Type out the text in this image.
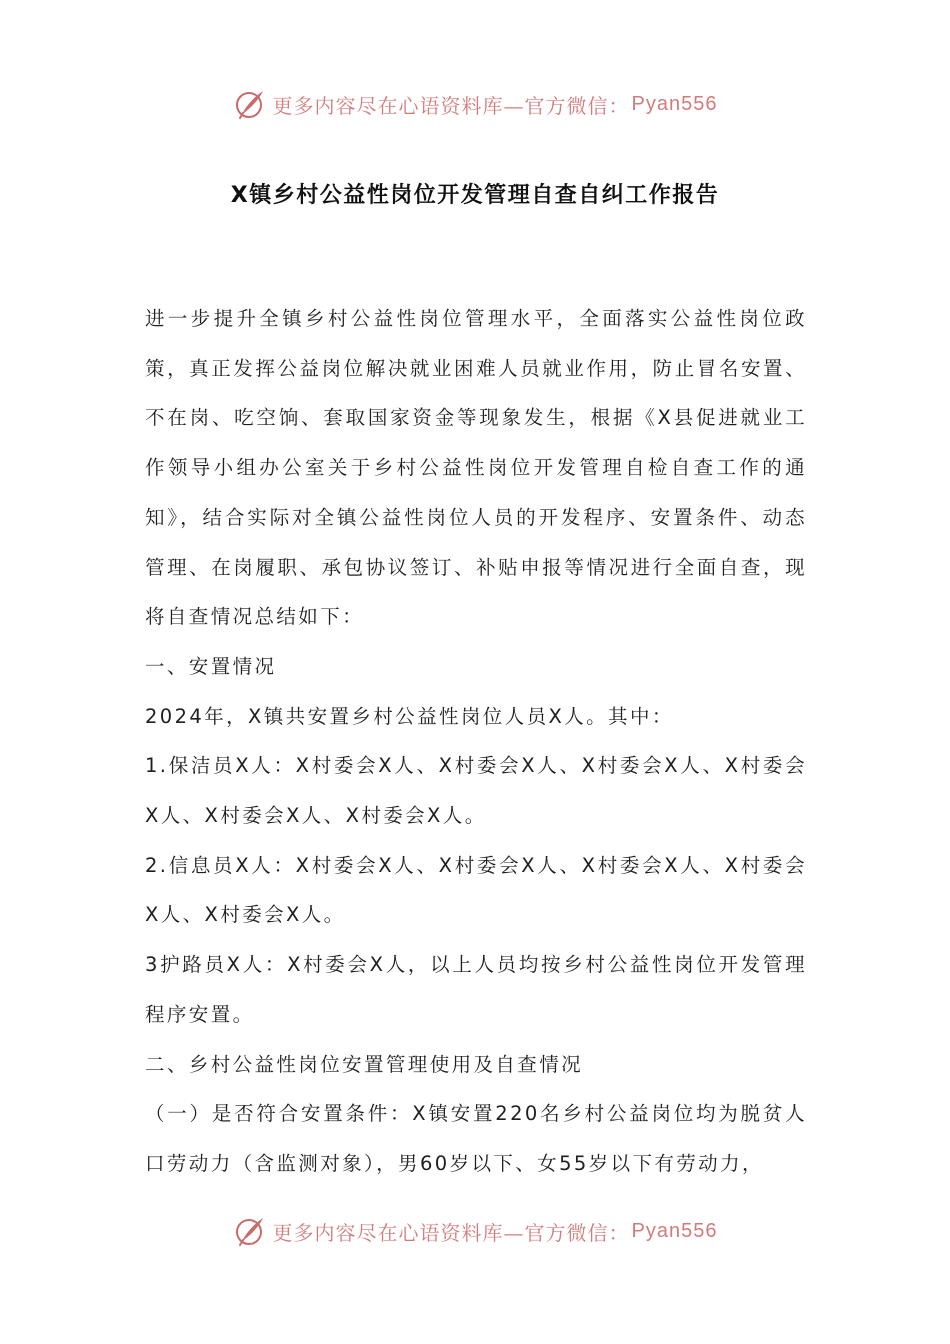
更多内容尽在心语资料库—官方微信： Pyan556
X镇乡村公益性岗位开发管理自查自纠工作报告

进一步提升全镇乡村公益性岗位管理水平，全面落实公益性岗位政策，真正发挥公益岗位解决就业困难人员就业作用，防止冒名安置、不在岗、吃空饷、套取国家资金等现象发生，根据《X县促进就业工作领导小组办公室关于乡村公益性岗位开发管理自检自查工作的通知》，结合实际对全镇公益性岗位人员的开发程序、安置条件、动态管理、在岗履职、承包协议签订、补贴申报等情况进行全面自查，现将自查情况总结如下：

一、安置情况

2024年，X镇共安置乡村公益性岗位人员X人。其中：

1.保洁员X人：X村委会X人、X村委会X人、X村委会X人、X村委会X人、X村委会X人、X村委会X人。

2.信息员X人：X村委会X人、X村委会X人、X村委会X人、X村委会X人、X村委会X人。

3护路员X人：X村委会X人，以上人员均按乡村公益性岗位开发管理程序安置。

二、乡村公益性岗位安置管理使用及自查情况

（一）是否符合安置条件：X镇安置220名乡村公益岗位均为脱贫人口劳动力（含监测对象），男60岁以下、女55岁以下有劳动力，

更多内容尽在心语资料库—官方微信： Pyan556
